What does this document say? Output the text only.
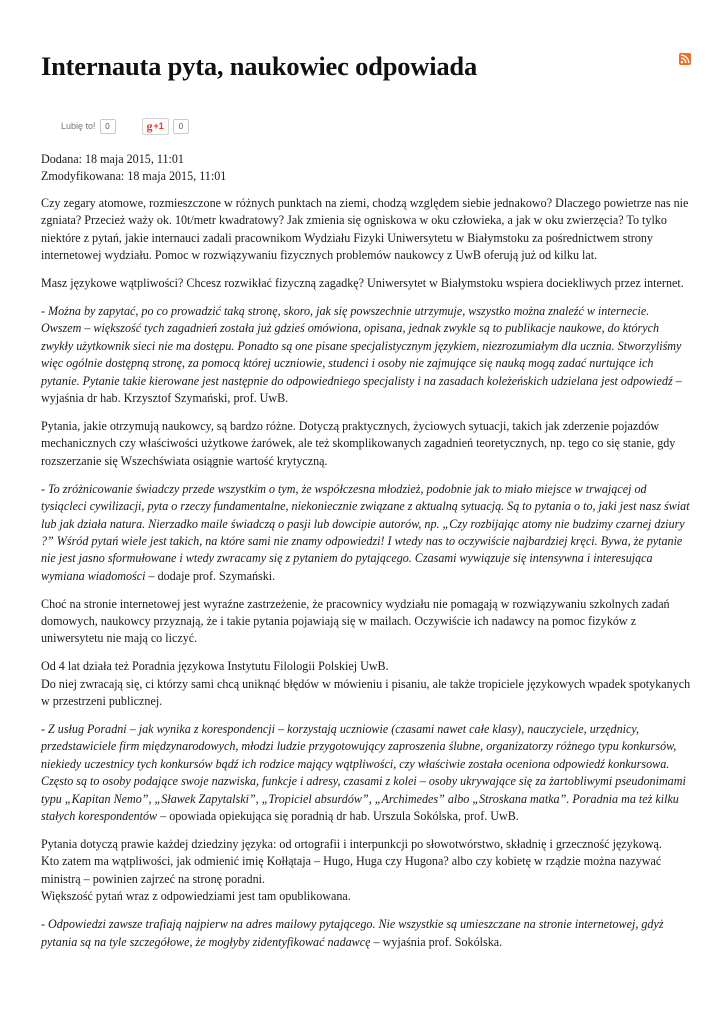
Internauta pyta, naukowiec odpowiada
Lubię to!	0	g +1	0
Dodana: 18 maja 2015, 11:01
Zmodyfikowana: 18 maja 2015, 11:01

Czy zegary atomowe, rozmieszczone w różnych punktach na ziemi, chodzą względem siebie jednakowo? Dlaczego powietrze nas nie zgniata? Przecież waży ok. 10t/metr kwadratowy? Jak zmienia się ogniskowa w oku człowieka, a jak w oku zwierzęcia? To tylko niektóre z pytań, jakie internauci zadali pracownikom Wydziału Fizyki Uniwersytetu w Białymstoku za pośrednictwem strony internetowej wydziału. Pomoc w rozwiązywaniu fizycznych problemów naukowcy z UwB oferują już od kilku lat.

Masz językowe wątpliwości? Chcesz rozwikłać fizyczną zagadkę? Uniwersytet w Białymstoku wspiera dociekliwych przez internet.

- Można by zapytać, po co prowadzić taką stronę, skoro, jak się powszechnie utrzymuje, wszystko można znaleźć w internecie. Owszem – większość tych zagadnień została już gdzieś omówiona, opisana, jednak zwykle są to publikacje naukowe, do których zwykły użytkownik sieci nie ma dostępu. Ponadto są one pisane specjalistycznym językiem, niezrozumiałym dla ucznia. Stworzyliśmy więc ogólnie dostępną stronę, za pomocą której uczniowie, studenci i osoby nie zajmujące się nauką mogą zadać nurtujące ich pytanie. Pytanie takie kierowane jest następnie do odpowiedniego specjalisty i na zasadach koleżeńskich udzielana jest odpowiedź – wyjaśnia dr hab. Krzysztof Szymański, prof. UwB.

Pytania, jakie otrzymują naukowcy, są bardzo różne. Dotyczą praktycznych, życiowych sytuacji, takich jak zderzenie pojazdów mechanicznych czy właściwości użytkowe żarówek, ale też skomplikowanych zagadnień teoretycznych, np. tego co się stanie, gdy rozszerzanie się Wszechświata osiągnie wartość krytyczną.

- To zróżnicowanie świadczy przede wszystkim o tym, że współczesna młodzież, podobnie jak to miało miejsce w trwającej od tysiącleci cywilizacji, pyta o rzeczy fundamentalne, niekoniecznie związane z aktualną sytuacją. Są to pytania o to, jaki jest nasz świat lub jak działa natura. Nierzadko maile świadczą o pasji lub dowcipie autorów, np. „Czy rozbijając atomy nie budzimy czarnej dziury ?” Wśród pytań wiele jest takich, na które sami nie znamy odpowiedzi! I wtedy nas to oczywiście najbardziej kręci. Bywa, że pytanie nie jest jasno sformułowane i wtedy zwracamy się z pytaniem do pytającego. Czasami wywiązuje się intensywna i interesująca wymiana wiadomości – dodaje prof. Szymański.

Choć na stronie internetowej jest wyraźne zastrzeżenie, że pracownicy wydziału nie pomagają w rozwiązywaniu szkolnych zadań domowych, naukowcy przyznają, że i takie pytania pojawiają się w mailach. Oczywiście ich nadawcy na pomoc fizyków z uniwersytetu nie mają co liczyć.

Od 4 lat działa też Poradnia językowa Instytutu Filologii Polskiej UwB.
Do niej zwracają się, ci którzy sami chcą uniknąć błędów w mówieniu i pisaniu, ale także tropiciele językowych wpadek spotykanych w przestrzeni publicznej.

- Z usług Poradni – jak wynika z korespondencji – korzystają uczniowie (czasami nawet całe klasy), nauczyciele, urzędnicy, przedstawiciele firm międzynarodowych, młodzi ludzie przygotowujący zaproszenia ślubne, organizatorzy różnego typu konkursów, niekiedy uczestnicy tych konkursów bądź ich rodzice mający wątpliwości, czy właściwie została oceniona odpowiedź konkursowa. Często są to osoby podające swoje nazwiska, funkcje i adresy, czasami z kolei – osoby ukrywające się za żartobliwymi pseudonimami typu „Kapitan Nemo”, „Sławek Zapytalski”, „Tropiciel absurdów”, „Archimedes” albo „Stroskana matka”. Poradnia ma też kilku stałych korespondentów – opowiada opiekująca się poradnią dr hab. Urszula Sokólska, prof. UwB.

Pytania dotyczą prawie każdej dziedziny języka: od ortografii i interpunkcji po słowotwórstwo, składnię i grzeczność językową.
Kto zatem ma wątpliwości, jak odmienić imię Kołłątaja – Hugo, Huga czy Hugona? albo czy kobietę w rządzie można nazywać ministrą – powinien zajrzeć na stronę poradni.
Większość pytań wraz z odpowiedziami jest tam opublikowana.

- Odpowiedzi zawsze trafiają najpierw na adres mailowy pytającego. Nie wszystkie są umieszczane na stronie internetowej, gdyż pytania są na tyle szczegółowe, że mogłyby zidentyfikować nadawcę – wyjaśnia prof. Sokólska.
